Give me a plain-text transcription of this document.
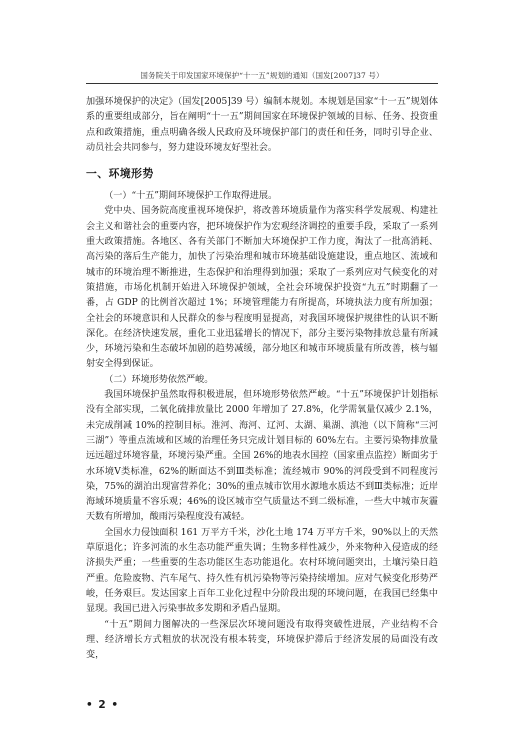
国务院关于印发国家环境保护“十一五”规划的通知（国发[2007]37 号）

加强环境保护的决定》（国发[2005]39 号）编制本规划。本规划是国家“十一五”规划体系的重要组成部分，旨在阐明“十一五”期间国家在环境保护领域的目标、任务、投资重点和政策措施，重点明确各级人民政府及环境保护部门的责任和任务，同时引导企业、动员社会共同参与，努力建设环境友好型社会。

一、环境形势

（一）“十五”期间环境保护工作取得进展。

党中央、国务院高度重视环境保护，将改善环境质量作为落实科学发展观、构建社会主义和谐社会的重要内容，把环境保护作为宏观经济调控的重要手段，采取了一系列重大政策措施。各地区、各有关部门不断加大环境保护工作力度，淘汰了一批高消耗、高污染的落后生产能力，加快了污染治理和城市环境基础设施建设，重点地区、流域和城市的环境治理不断推进，生态保护和治理得到加强；采取了一系列应对气候变化的对策措施，市场化机制开始进入环境保护领域，全社会环境保护投资“九五”时期翻了一番，占 GDP 的比例首次超过 1%；环境管理能力有所提高，环境执法力度有所加强；全社会的环境意识和人民群众的参与程度明显提高，对我国环境保护规律性的认识不断深化。在经济快速发展，重化工业迅猛增长的情况下，部分主要污染物排放总量有所减少，环境污染和生态破坏加剧的趋势减缓，部分地区和城市环境质量有所改善，核与辐射安全得到保证。

（二）环境形势依然严峻。

我国环境保护虽然取得积极进展，但环境形势依然严峻。“十五”环境保护计划指标没有全部实现，二氧化硫排放量比 2000 年增加了 27.8%，化学需氧量仅减少 2.1%，未完成削减 10%的控制目标。淮河、海河、辽河、太湖、巢湖、滇池（以下简称“三河三湖”）等重点流域和区域的治理任务只完成计划目标的 60%左右。主要污染物排放量远远超过环境容量，环境污染严重。全国 26%的地表水国控（国家重点监控）断面劣于水环境Ⅴ类标准，62%的断面达不到Ⅲ类标准；流经城市 90%的河段受到不同程度污染，75%的湖泊出现富营养化；30%的重点城市饮用水源地水质达不到Ⅲ类标准；近岸海域环境质量不容乐观；46%的设区城市空气质量达不到二级标准，一些大中城市灰霾天数有所增加，酸雨污染程度没有减轻。

全国水力侵蚀面积 161 万平方千米，沙化土地 174 万平方千米，90%以上的天然草原退化；许多河流的水生态功能严重失调；生物多样性减少，外来物种入侵造成的经济损失严重；一些重要的生态功能区生态功能退化。农村环境问题突出，土壤污染日趋严重。危险废物、汽车尾气、持久性有机污染物等污染持续增加。应对气候变化形势严峻，任务艰巨。发达国家上百年工业化过程中分阶段出现的环境问题，在我国已经集中显现。我国已进入污染事故多发期和矛盾凸显期。

“十五”期间力图解决的一些深层次环境问题没有取得突破性进展，产业结构不合理、经济增长方式粗放的状况没有根本转变，环境保护滞后于经济发展的局面没有改变，

• 2 •
